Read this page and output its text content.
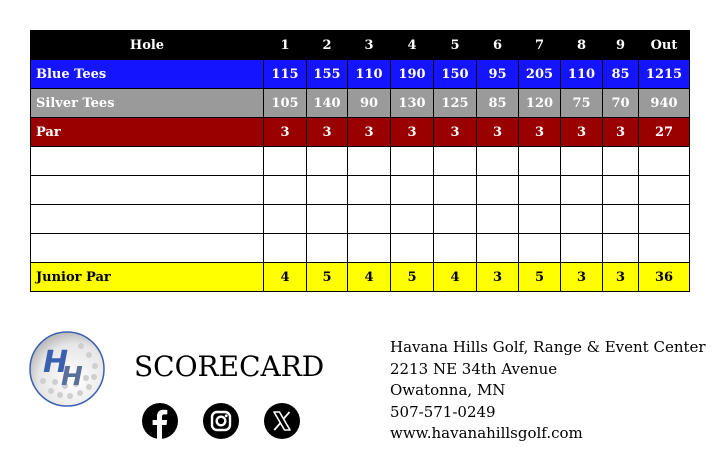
Hole	1	2	3	4	5	6	7	8	9	Out
Blue Tees	115	155	110	190	150	95	205	110	85	1215
Silver Tees	105	140	90	130	125	85	120	75	70	940
Par	3	3	3	3	3	3	3	3	3	27

Junior Par	4	5	4	5	4	3	5	3	3	36
H
H SCORECARD
Havana Hills Golf, Range & Event Center
2213 NE 34th Avenue
Owatonna, MN
507-571-0249
www.havanahillsgolf.com
